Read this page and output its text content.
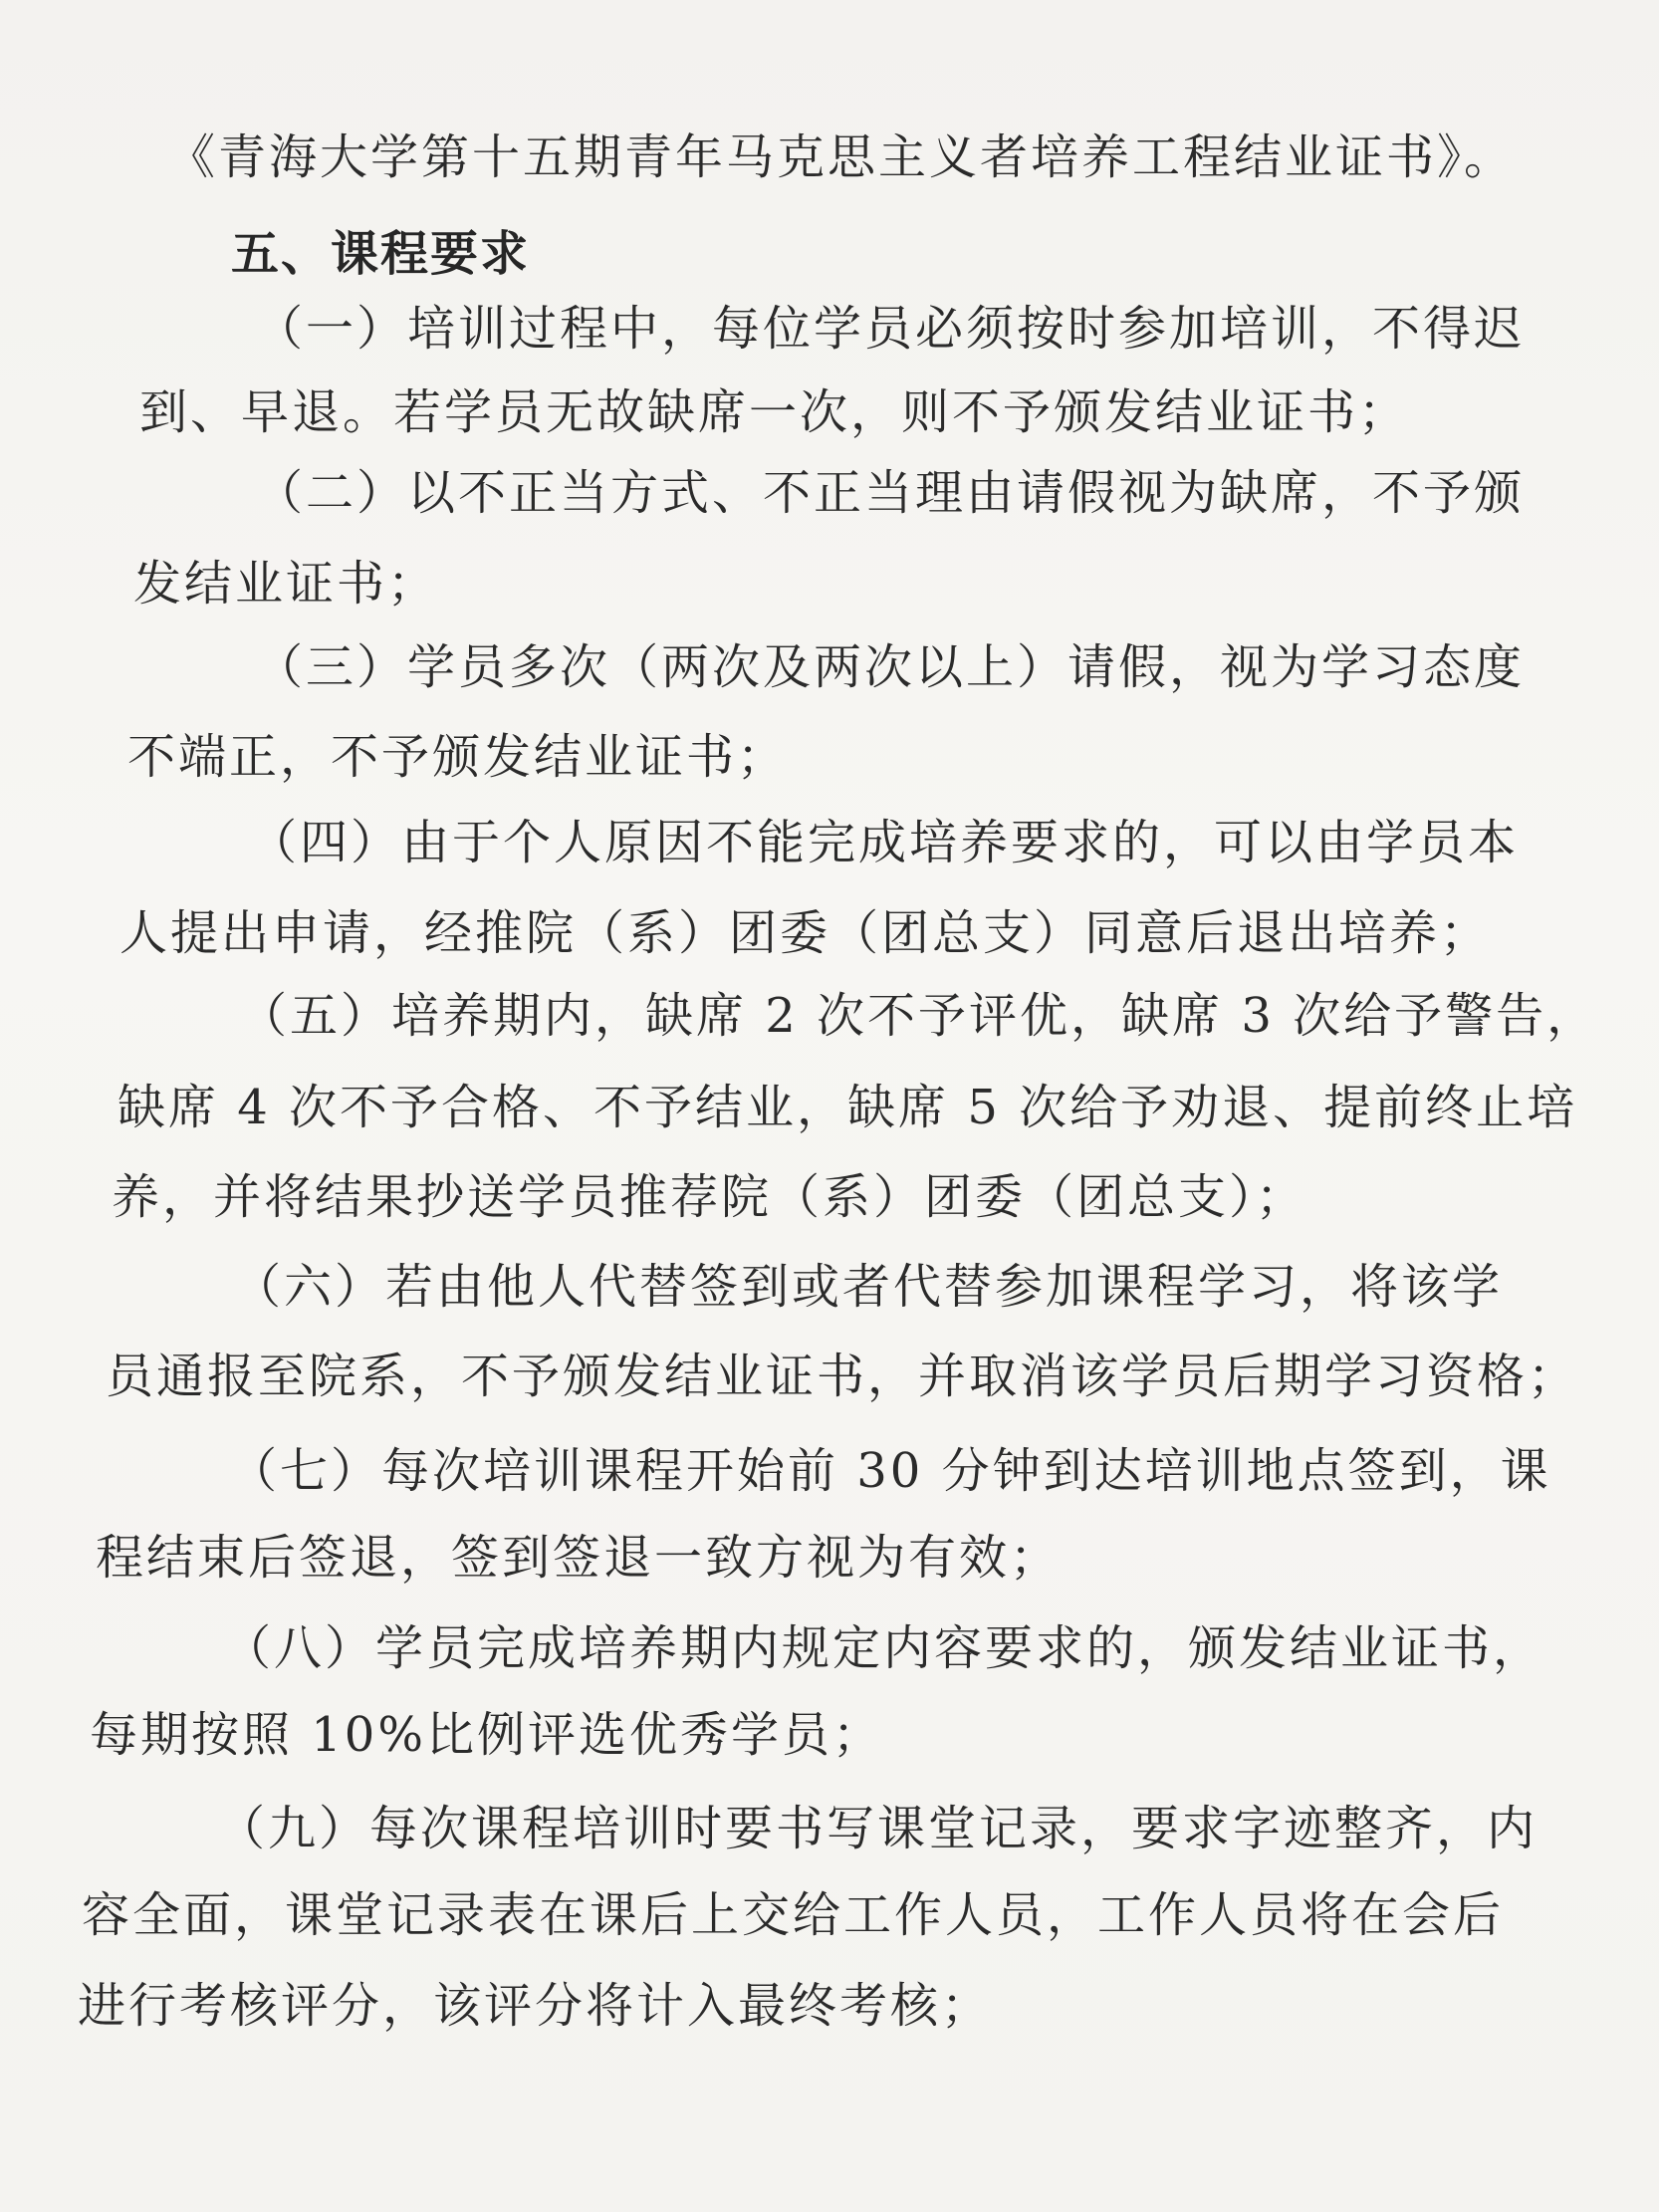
《青海大学第十五期青年马克思主义者培养工程结业证书》。

五、课程要求

（一）培训过程中，每位学员必须按时参加培训，不得迟

到、早退。若学员无故缺席一次，则不予颁发结业证书；

（二）以不正当方式、不正当理由请假视为缺席，不予颁

发结业证书；

（三）学员多次（两次及两次以上）请假，视为学习态度

不端正，不予颁发结业证书；

（四）由于个人原因不能完成培养要求的，可以由学员本

人提出申请，经推院（系）团委（团总支）同意后退出培养；

（五）培养期内，缺席 2 次不予评优，缺席 3 次给予警告，

缺席 4 次不予合格、不予结业，缺席 5 次给予劝退、提前终止培

养，并将结果抄送学员推荐院（系）团委（团总支）；

（六）若由他人代替签到或者代替参加课程学习，将该学

员通报至院系，不予颁发结业证书，并取消该学员后期学习资格；

（七）每次培训课程开始前 30 分钟到达培训地点签到，课

程结束后签退，签到签退一致方视为有效；

（八）学员完成培养期内规定内容要求的，颁发结业证书，

每期按照 10%比例评选优秀学员；

（九）每次课程培训时要书写课堂记录，要求字迹整齐，内

容全面，课堂记录表在课后上交给工作人员，工作人员将在会后

进行考核评分，该评分将计入最终考核；
